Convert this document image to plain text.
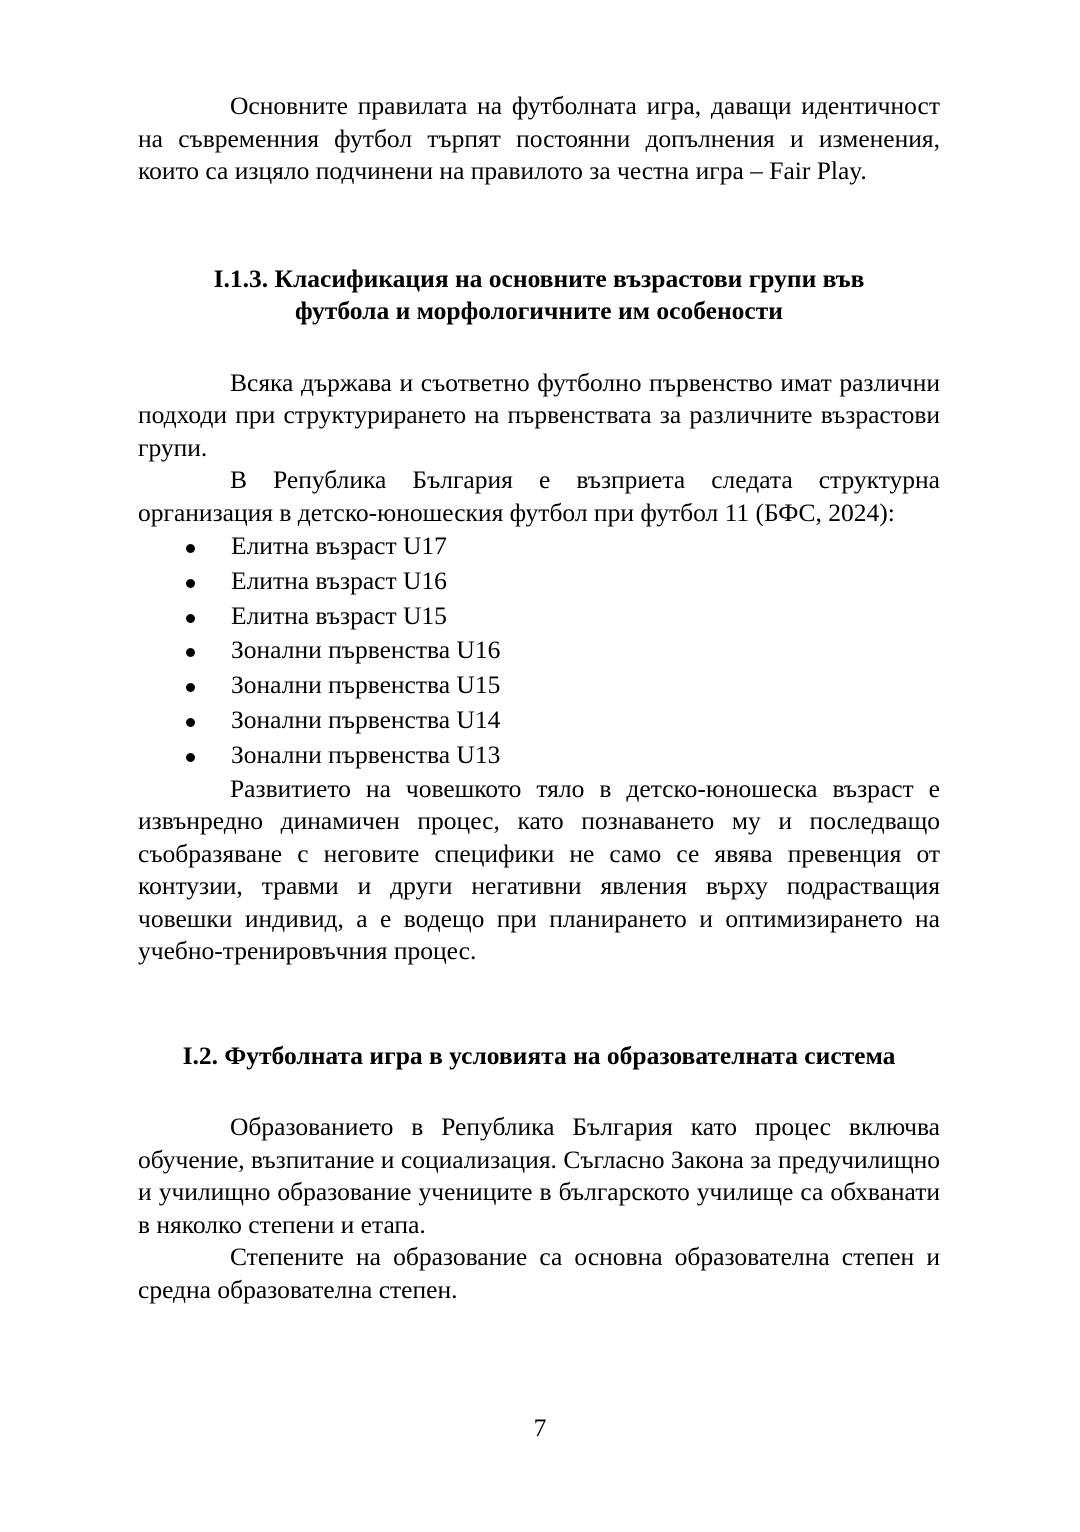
Основните правилата на футболната игра, даващи идентичност на съвременния футбол търпят постоянни допълнения и изменения, които са изцяло подчинени на правилото за честна игра – Fair Play.

I.1.3. Класификация на основните възрастови групи във
футбола и морфологичните им особености

Всяка държава и съответно футболно първенство имат различни подходи при структурирането на първенствата за различните възрастови групи.

В Република България е възприета следата структурна организация в детско-юношеския футбол при футбол 11 (БФС, 2024):

Елитна възраст U17
Елитна възраст U16
Елитна възраст U15
Зонални първенства U16
Зонални първенства U15
Зонални първенства U14
Зонални първенства U13

Развитието на човешкото тяло в детско-юношеска възраст е извънредно динамичен процес, като познаването му и последващо съобразяване с неговите специфики не само се явява превенция от контузии, травми и други негативни явления върху подрастващия човешки индивид, а е водещо при планирането и оптимизирането на учебно-тренировъчния процес.

I.2. Футболната игра в условията на образователната система

Образованието в Република България като процес включва обучение, възпитание и социализация. Съгласно Закона за предучилищно и училищно образование учениците в българското училище са обхванати в няколко степени и етапа.

Степените на образование са основна образователна степен и средна образователна степен.

7
